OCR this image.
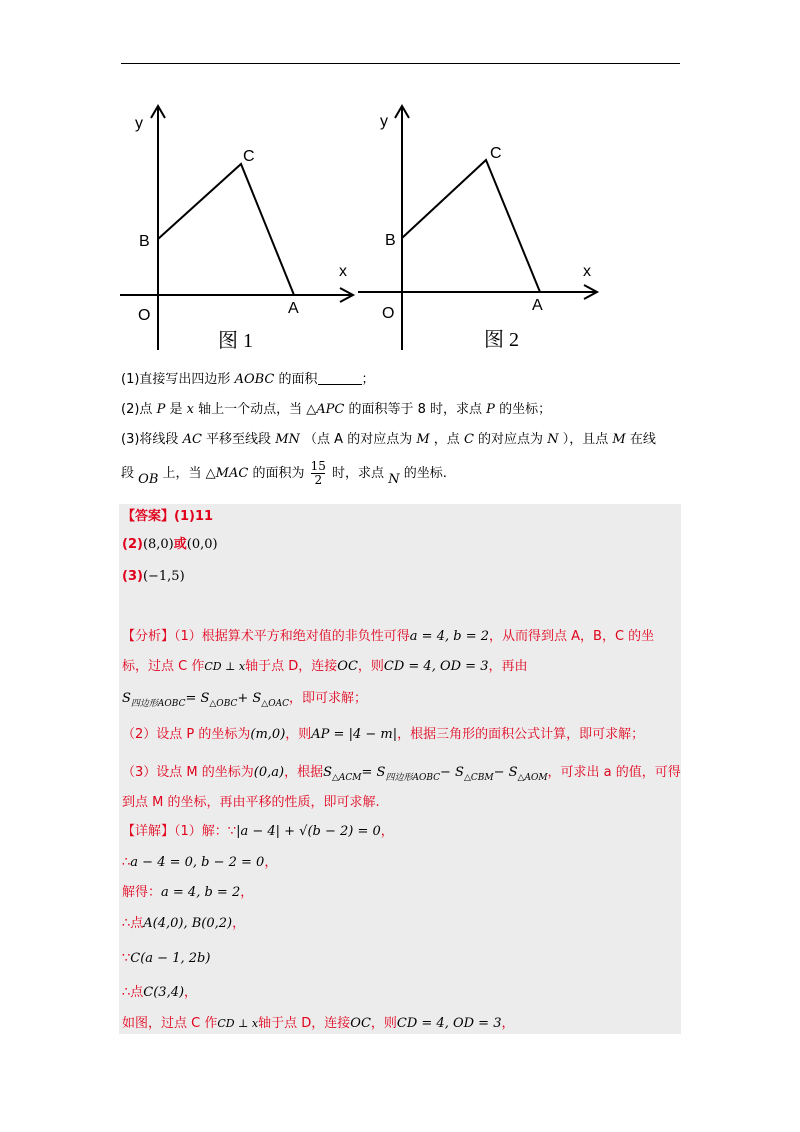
y
x
O	A
B
C
图 1
y
x
O	A
B
C
图 2
(1)直接写出四边形 AOBC 的面积	；
(2)点 P 是 x 轴上一个动点，当 △APC 的面积等于 8 时，求点 P 的坐标；
(3)将线段 AC 平移至线段 MN （点 A 的对应点为 M ，点 C 的对应点为 N ），且点 M 在线
段 OB 上，当 △MAC 的面积为 $\frac{15}{2}$ 时，求点 N 的坐标.
【答案】(1)11
(2)(8,0)或(0,0)
(3)(−1,5)
【分析】（1）根据算术平方和绝对值的非负性可得a = 4, b = 2，从而得到点 A，B，C 的坐
标，过点 C 作CD ⊥ x轴于点 D，连接OC，则CD = 4, OD = 3，再由
$S_{四边形AOBC}= S_{\triangle OBC}+ S_{\triangle OAC}$，即可求解；
（2）设点 P 的坐标为(m,0)，则AP = |4 − m|，根据三角形的面积公式计算，即可求解；
（3）设点 M 的坐标为(0,a)，根据$S_{\triangle ACM}= S_{四边形AOBC}- S_{\triangle CBM}- S_{\triangle AOM}$，可求出 a 的值，可得
到点 M 的坐标，再由平移的性质，即可求解.
【详解】（1）解：∵|a − 4| + √(b − 2) = 0，
∴a − 4 = 0, b − 2 = 0，
解得：a = 4, b = 2，
∴点A(4,0), B(0,2)，
∵C(a − 1, 2b)
∴点C(3,4)，
如图，过点 C 作CD ⊥ x轴于点 D，连接OC，则CD = 4, OD = 3，
